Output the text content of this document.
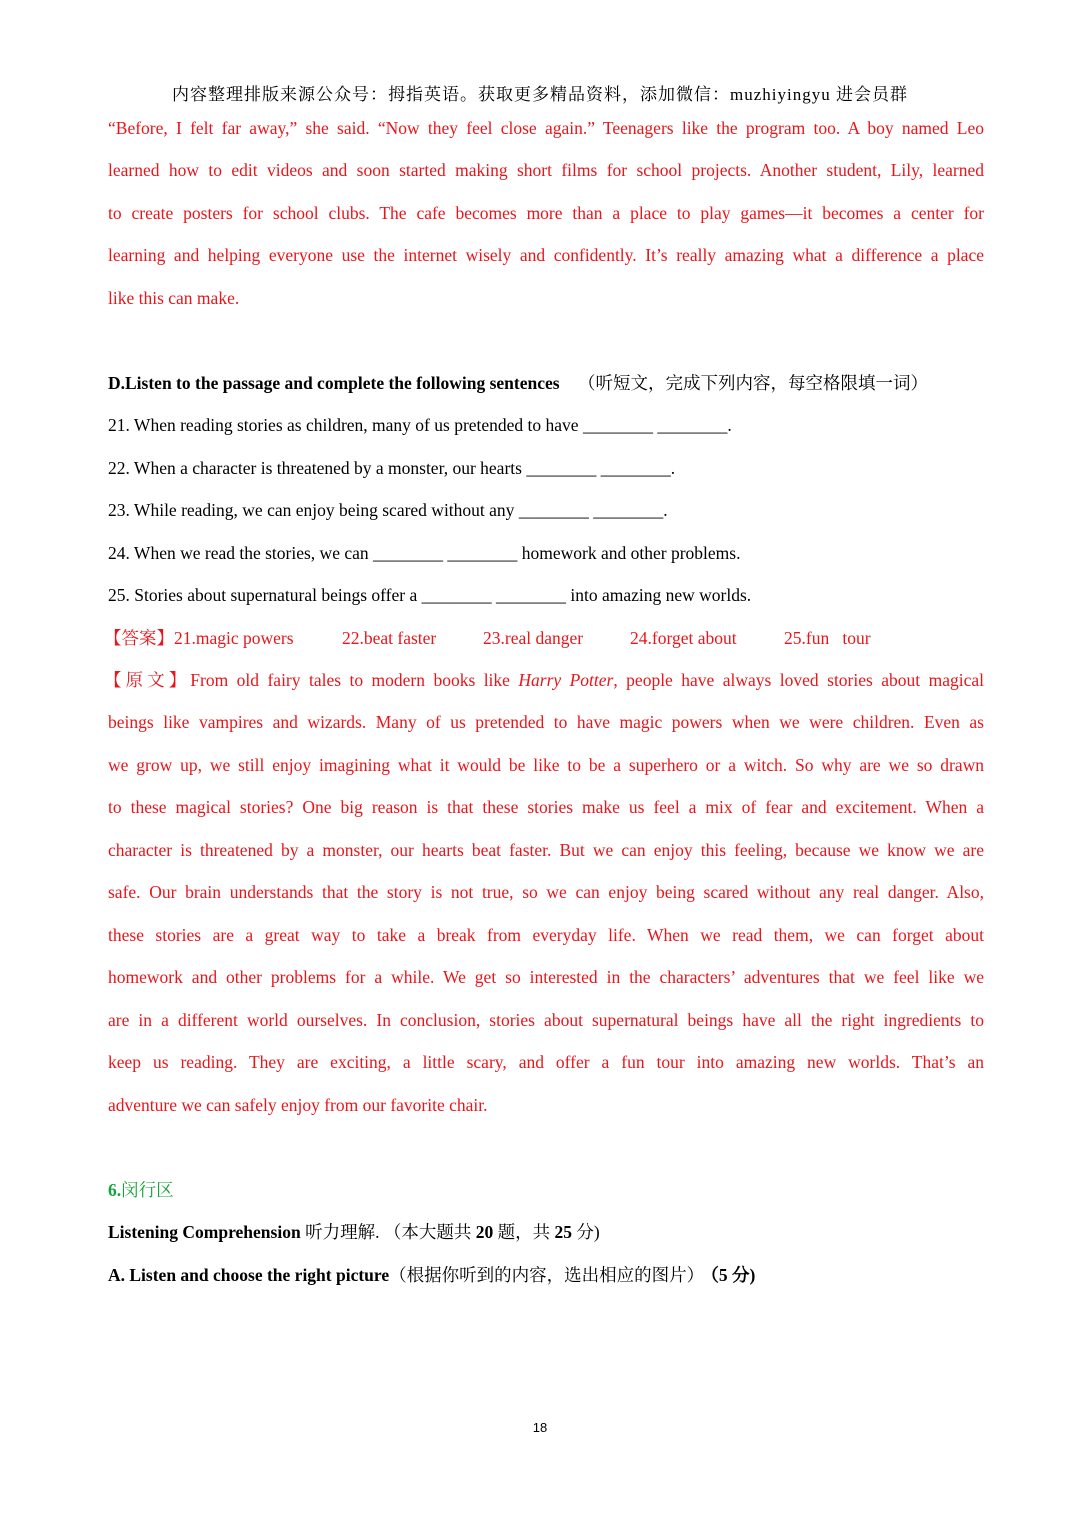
内容整理排版来源公众号：拇指英语。获取更多精品资料，添加微信：muzhiyingyu 进会员群
“Before, I felt far away,” she said. “Now they feel close again.” Teenagers like the program too. A boy named Leo
learned how to edit videos and soon started making short films for school projects. Another student, Lily, learned
to create posters for school clubs. The cafe becomes more than a place to play games—it becomes a center for
learning and helping everyone use the internet wisely and confidently. It’s really amazing what a difference a place
like this can make.
D.Listen to the passage and complete the following sentences （听短文，完成下列内容，每空格限填一词）
21. When reading stories as children, many of us pretended to have ________ ________.
22. When a character is threatened by a monster, our hearts ________ ________.
23. While reading, we can enjoy being scared without any ________ ________.
24. When we read the stories, we can ________ ________ homework and other problems.
25. Stories about supernatural beings offer a ________ ________ into amazing new worlds.
【答案】21.magic powers	22.beat faster	23.real danger	24.forget about	25.fun   tour
【原文】From old fairy tales to modern books like Harry Potter, people have always loved stories about magical
beings like vampires and wizards. Many of us pretended to have magic powers when we were children. Even as
we grow up, we still enjoy imagining what it would be like to be a superhero or a witch. So why are we so drawn
to these magical stories? One big reason is that these stories make us feel a mix of fear and excitement. When a
character is threatened by a monster, our hearts beat faster. But we can enjoy this feeling, because we know we are
safe. Our brain understands that the story is not true, so we can enjoy being scared without any real danger. Also,
these stories are a great way to take a break from everyday life. When we read them, we can forget about
homework and other problems for a while. We get so interested in the characters’ adventures that we feel like we
are in a different world ourselves. In conclusion, stories about supernatural beings have all the right ingredients to
keep us reading. They are exciting, a little scary, and offer a fun tour into amazing new worlds. That’s an
adventure we can safely enjoy from our favorite chair.
6.闵行区
Listening Comprehension 听力理解. （本大题共 20 题，共 25 分)
A. Listen and choose the right picture（根据你听到的内容，选出相应的图片） （5 分)
18
